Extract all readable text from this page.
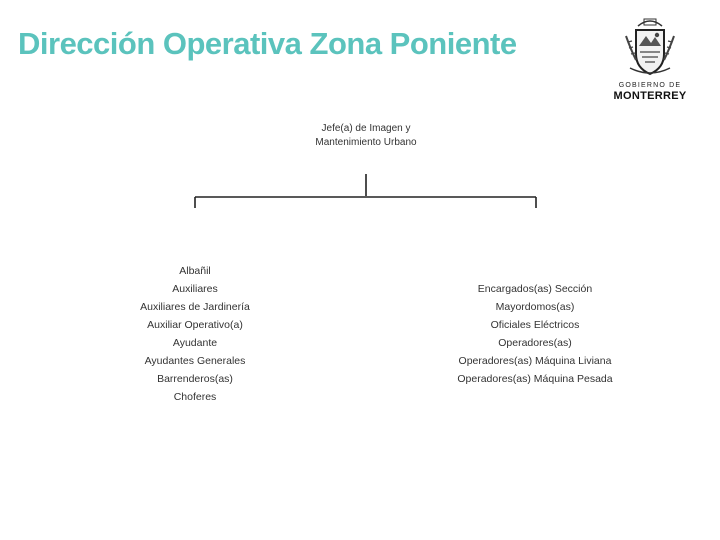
Dirección Operativa Zona Poniente
GOBIERNO DE
MONTERREY
Jefe(a) de Imagen y
Mantenimiento Urbano
Albañil
Auxiliares
Auxiliares de Jardinería
Auxiliar Operativo(a)
Ayudante
Ayudantes Generales
Barrenderos(as)
Choferes
Encargados(as) Sección
Mayordomos(as)
Oficiales Eléctricos
Operadores(as)
Operadores(as) Máquina Liviana
Operadores(as) Máquina Pesada
